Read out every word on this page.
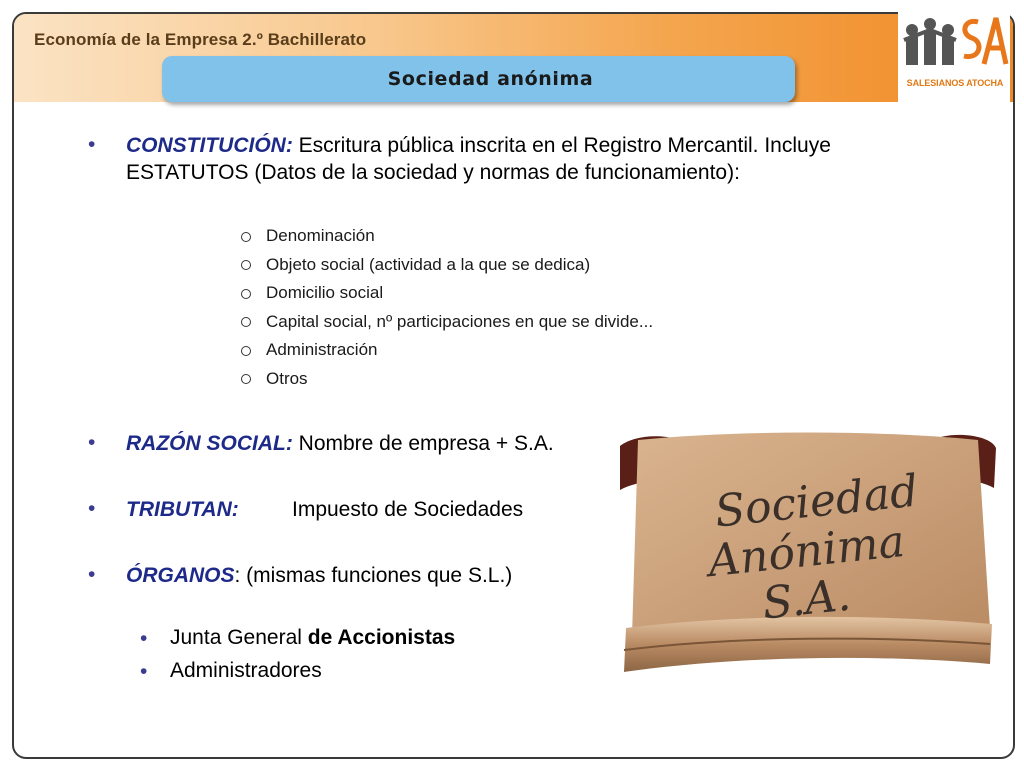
Economía de la Empresa 2.º Bachillerato
Sociedad anónima	SALESIANOS ATOCHA
• CONSTITUCIÓN: Escritura pública inscrita en el Registro Mercantil. Incluye
ESTATUTOS (Datos de la sociedad y normas de funcionamiento):
Denominación
Objeto social (actividad a la que se dedica)
Domicilio social
Capital social, nº participaciones en que se divide...
Administración
Otros
• RAZÓN SOCIAL: Nombre de empresa + S.A.
• TRIBUTAN:	Impuesto de Sociedades
• ÓRGANOS: (mismas funciones que S.L.)
• Junta General de Accionistas
• Administradores
Sociedad
Anónima
S.A.
